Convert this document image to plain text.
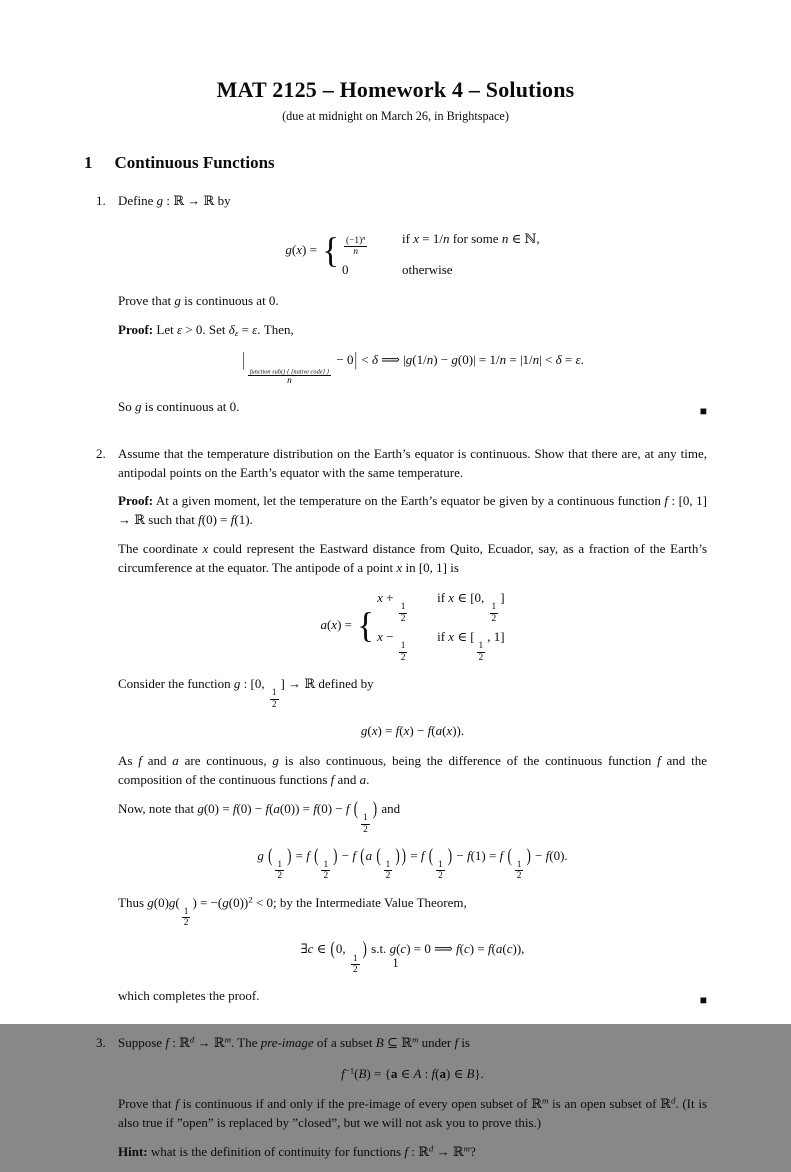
MAT 2125 – Homework 4 – Solutions
(due at midnight on March 26, in Brightspace)
1 Continuous Functions
1. Define g : ℝ → ℝ by
g(x) = { $\frac{(-1)^n}{n}$	if x = 1/n for some n ∈ ℕ,
0	otherwise
Prove that g is continuous at 0.
Proof: Let ε > 0. Set δε = ε. Then,
|
$\frac{\text{function sub() \{ [native code] \}}}{n}$
− 0| < δ ⟹ |g(1/n) − g(0)| = 1/n = |1/n| < δ = ε.
So g is continuous at 0.	■
2. Assume that the temperature distribution on the Earth’s equator is continuous. Show that there are, at any time, antipodal points on the Earth’s equator with the same temperature.
Proof: At a given moment, let the temperature on the Earth’s equator be given by a continuous function f : [0, 1] → ℝ such that f(0) = f(1).
The coordinate x could represent the Eastward distance from Quito, Ecuador, say, as a fraction of the Earth’s circumference at the equator. The antipode of a point x in [0, 1] is
a(x) = {
x +
$\frac{1}{2}$
if x ∈ [0,
$\frac{1}{2}$
]
x −
$\frac{1}{2}$
if x ∈ [
$\frac{1}{2}$
, 1]
Consider the function g : [0,
$\frac{1}{2}$
] → ℝ defined by
g(x) = f(x) − f(a(x)).
As f and a are continuous, g is also continuous, being the difference of the continuous function f and the composition of the continuous functions f and a.
Now, note that g(0) = f(0) − f(a(0)) = f(0) − f (
$\frac{1}{2}$
) and
g (
$\frac{1}{2}$
) = f (
$\frac{1}{2}$
) − f (a (
$\frac{1}{2}$
) ) = f (
$\frac{1}{2}$
) − f(1) = f (
$\frac{1}{2}$
) − f(0).
Thus g(0)g(
$\frac{1}{2}$
) = $-(g(0))^2 < 0$; by the Intermediate Value Theorem,
∃c ∈ (0,
$\frac{1}{2}$
) s.t. g(c) = 0 ⟹ f(c) = f(a(c)),
which completes the proof.	■
3. Suppose f : ℝ$^d$ → ℝ$^m$. The pre-image of a subset B ⊆ ℝ$^m$ under f is
$f^{-1}(B) = \{a$ ∈ A : f(a) ∈ B}.
Prove that f is continuous if and only if the pre-image of every open subset of ℝ$^m$ is an open subset of ℝ$^d$. (It is also true if ”open” is replaced by ”closed”, but we will not ask you to prove this.)
Hint: what is the definition of continuity for functions f : ℝ$^d$ → ℝ$^m$?
1
